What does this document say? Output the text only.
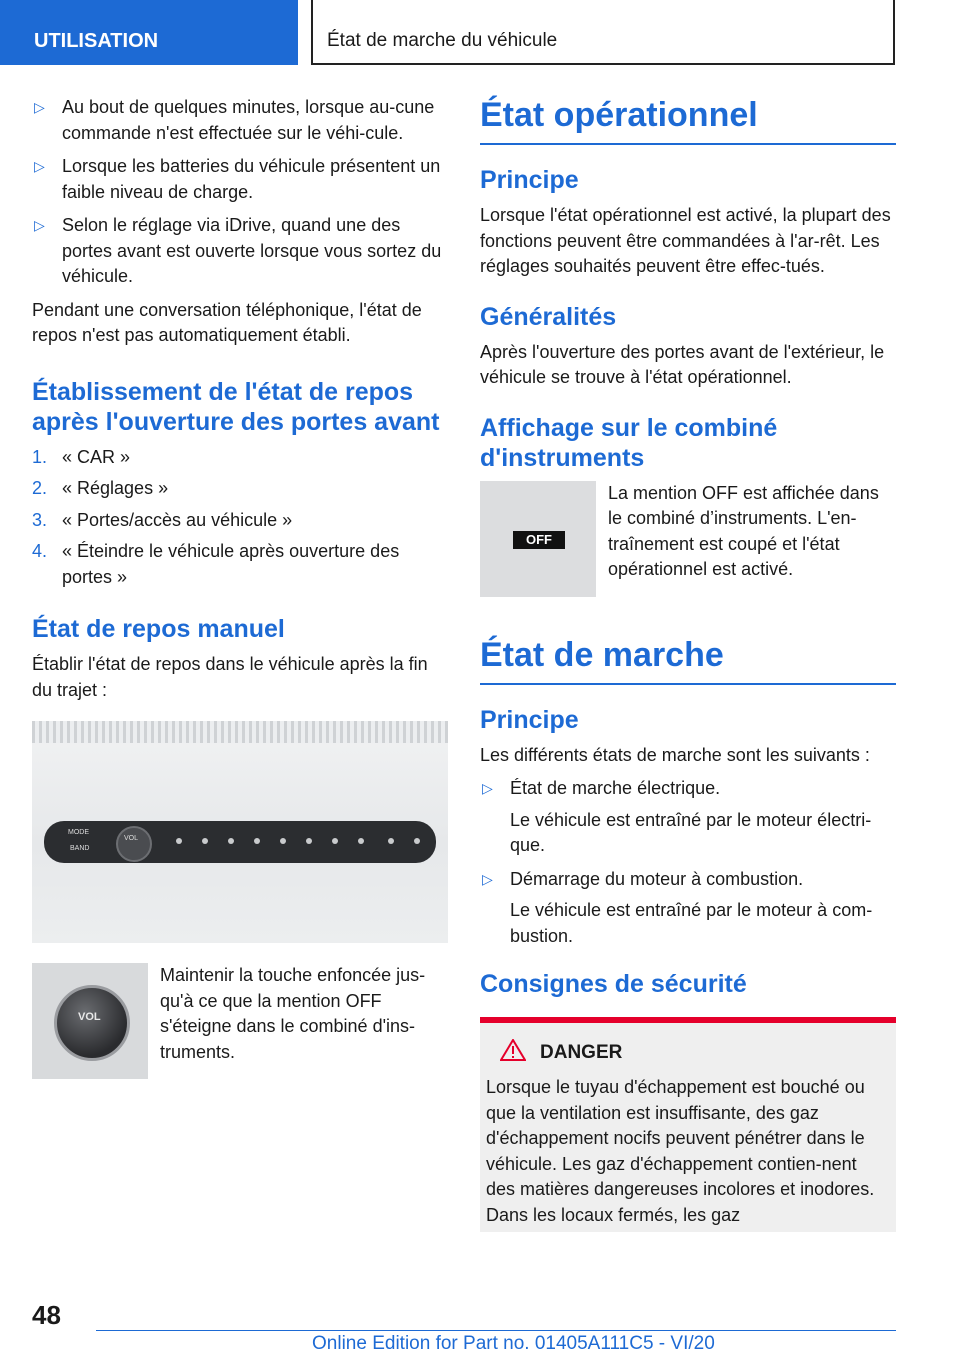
UTILISATION	État de marche du véhicule
▷ Au bout de quelques minutes, lorsque au-cune commande n'est effectuée sur le véhi-cule.
▷ Lorsque les batteries du véhicule présentent un faible niveau de charge.
▷ Selon le réglage via iDrive, quand une des portes avant est ouverte lorsque vous sortez du véhicule.
Pendant une conversation téléphonique, l'état de repos n'est pas automatiquement établi.
Établissement de l'état de repos après l'ouverture des portes avant
1. « CAR »
2. « Réglages »
3. « Portes/accès au véhicule »
4. « Éteindre le véhicule après ouverture des portes »
État de repos manuel
Établir l'état de repos dans le véhicule après la fin du trajet :
MODE
BAND
VOL
VOL
Maintenir la touche enfoncée jus-qu'à ce que la mention OFF s'éteigne dans le combiné d'ins-truments.
État opérationnel
Principe
Lorsque l'état opérationnel est activé, la plupart des fonctions peuvent être commandées à l'ar-rêt. Les réglages souhaités peuvent être effec-tués.
Généralités
Après l'ouverture des portes avant de l'extérieur, le véhicule se trouve à l'état opérationnel.
Affichage sur le combiné d'instruments
OFF
La mention OFF est affichée dans le combiné d’instruments. L'en-traînement est coupé et l'état opérationnel est activé.
État de marche
Principe
Les différents états de marche sont les suivants :
▷ État de marche électrique.
Le véhicule est entraîné par le moteur électri-que.
▷ Démarrage du moteur à combustion.
Le véhicule est entraîné par le moteur à com-bustion.
Consignes de sécurité
DANGER
Lorsque le tuyau d'échappement est bouché ou que la ventilation est insuffisante, des gaz d'échappement nocifs peuvent pénétrer dans le véhicule. Les gaz d'échappement contien-nent des matières dangereuses incolores et inodores. Dans les locaux fermés, les gaz
48
Online Edition for Part no. 01405A111C5 - VI/20
